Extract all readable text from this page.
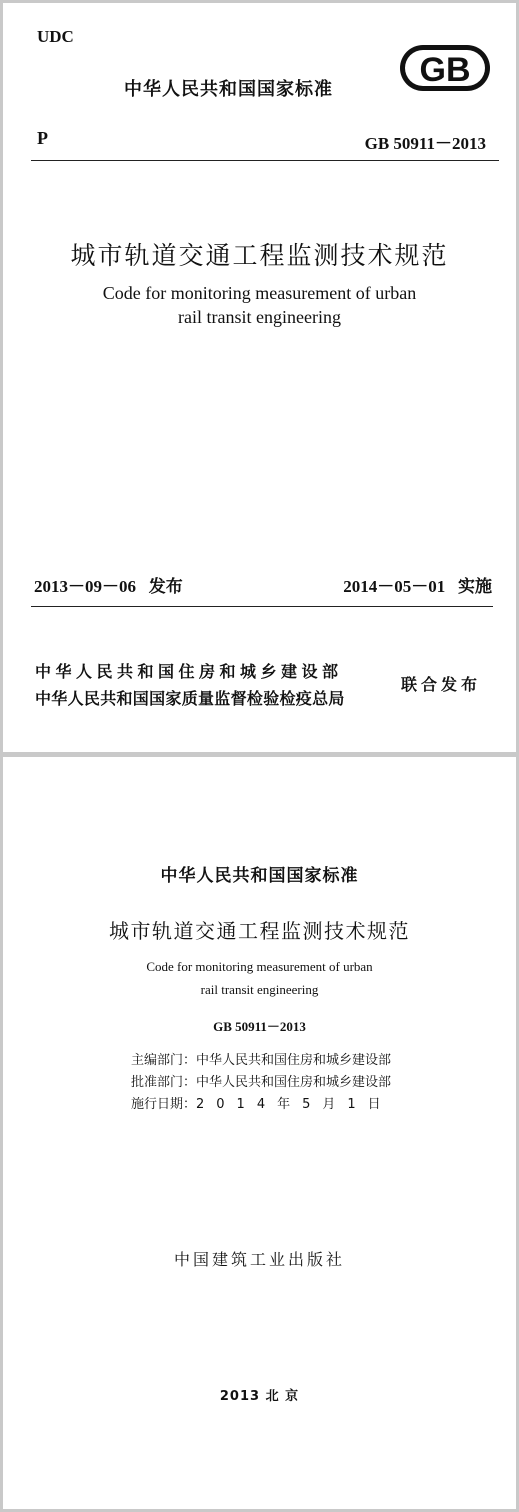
UDC
中华人民共和国国家标准	GB
P	GB 50911－2013
城市轨道交通工程监测技术规范
Code for monitoring measurement of urban
rail transit engineering
2013－09－06 发布	2014－05－01 实施
中华人民共和国住房和城乡建设部
中华人民共和国国家质量监督检验检疫总局
联合发布
中华人民共和国国家标准
城市轨道交通工程监测技术规范
Code for monitoring measurement of urban
rail transit engineering
GB 50911－2013
主编部门：中华人民共和国住房和城乡建设部
批准部门：中华人民共和国住房和城乡建设部
施行日期：2014年5月1日
中国建筑工业出版社
2013 北 京
